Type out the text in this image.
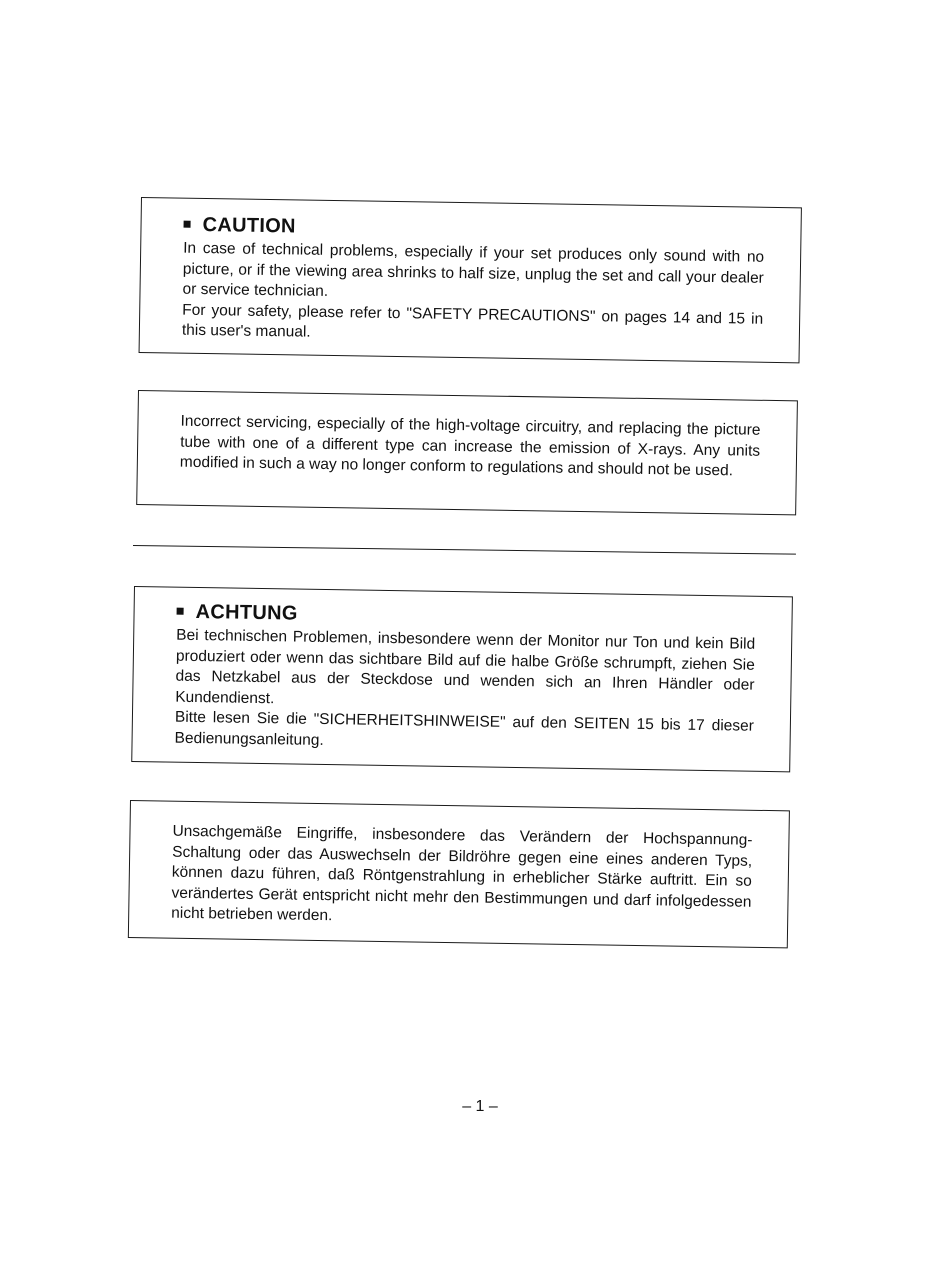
CAUTION

In case of technical problems, especially if your set produces only sound with no picture, or if the viewing area shrinks to half size, unplug the set and call your dealer or service technician.

For your safety, please refer to "SAFETY PRECAUTIONS" on pages 14 and 15 in this user's manual.

Incorrect servicing, especially of the high-voltage circuitry, and replacing the picture tube with one of a different type can increase the emission of X-rays. Any units modified in such a way no longer conform to regulations and should not be used.

ACHTUNG

Bei technischen Problemen, insbesondere wenn der Monitor nur Ton und kein Bild produziert oder wenn das sichtbare Bild auf die halbe Größe schrumpft, ziehen Sie das Netzkabel aus der Steckdose und wenden sich an Ihren Händler oder Kundendienst.

Bitte lesen Sie die "SICHERHEITSHINWEISE" auf den SEITEN 15 bis 17 dieser Bedienungsanleitung.

Unsachgemäße Eingriffe, insbesondere das Verändern der Hochspannung-Schaltung oder das Auswechseln der Bildröhre gegen eine eines anderen Typs, können dazu führen, daß Röntgenstrahlung in erheblicher Stärke auftritt. Ein so verändertes Gerät entspricht nicht mehr den Bestimmungen und darf infolgedessen nicht betrieben werden.

– 1 –
